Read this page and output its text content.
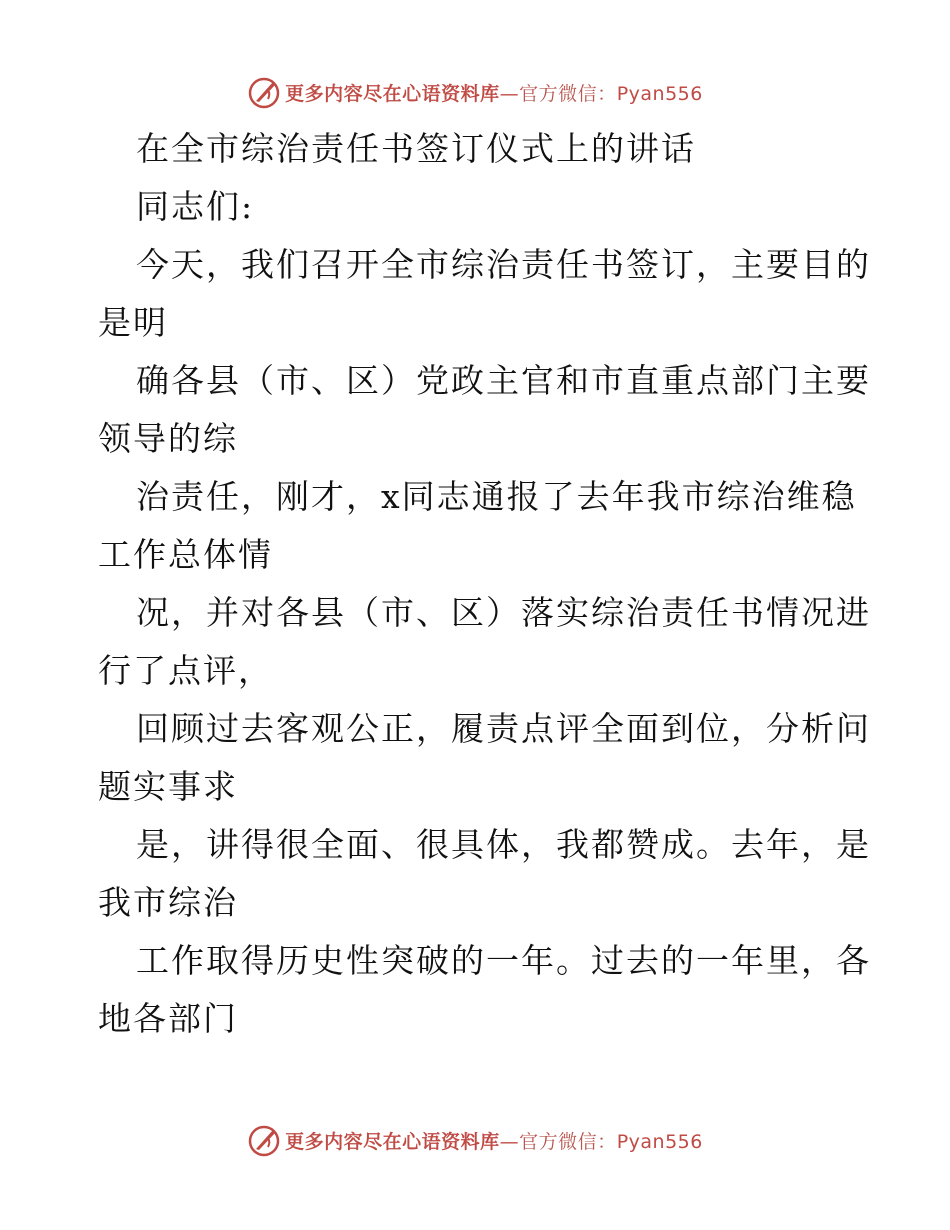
更多内容尽在心语资料库—官方微信：Pyan556
在全市综治责任书签订仪式上的讲话
同志们:
今天，我们召开全市综治责任书签订，主要目的
是明
确各县（市、区）党政主官和市直重点部门主要
领导的综
治责任，刚才，x同志通报了去年我市综治维稳
工作总体情
况，并对各县（市、区）落实综治责任书情况进
行了点评，
回顾过去客观公正，履责点评全面到位，分析问
题实事求
是，讲得很全面、很具体，我都赞成。去年，是
我市综治
工作取得历史性突破的一年。过去的一年里，各
地各部门
更多内容尽在心语资料库—官方微信：Pyan556
